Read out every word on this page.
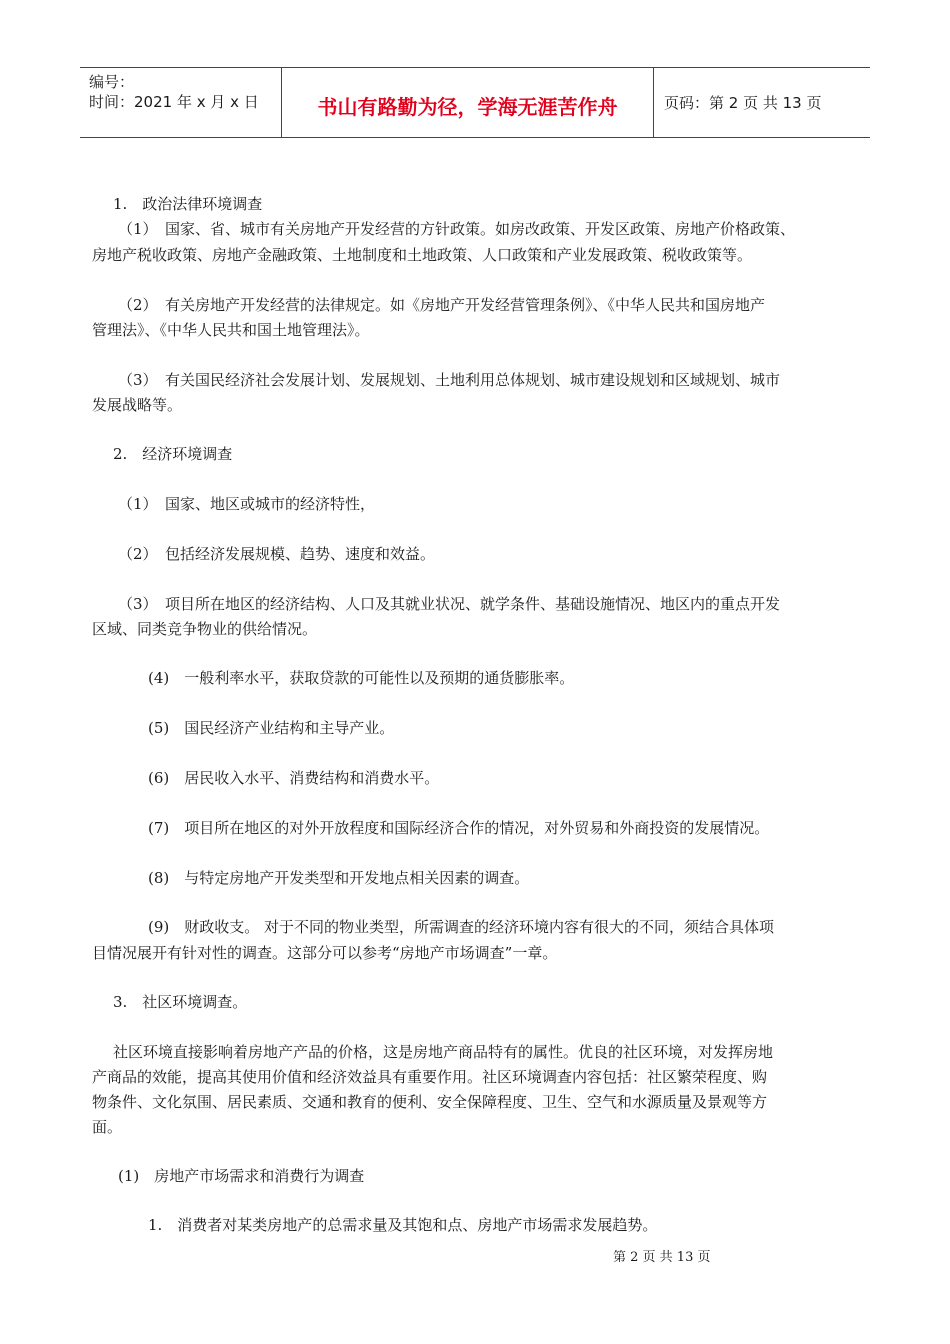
编号：
时间：2021 年 x 月 x 日	书山有路勤为径，学海无涯苦作舟	页码：第 2 页 共 13 页
1.　政治法律环境调查
（1）　国家、省、城市有关房地产开发经营的方针政策。如房改政策、开发区政策、房地产价格政策、
房地产税收政策、房地产金融政策、土地制度和土地政策、人口政策和产业发展政策、税收政策等。
（2）　有关房地产开发经营的法律规定。如《房地产开发经营管理条例》、《中华人民共和国房地产
管理法》、《中华人民共和国土地管理法》。
（3）　有关国民经济社会发展计划、发展规划、土地利用总体规划、城市建设规划和区域规划、城市
发展战略等。
2.　经济环境调查
（1）　国家、地区或城市的经济特性，
（2）　包括经济发展规模、趋势、速度和效益。
（3）　项目所在地区的经济结构、人口及其就业状况、就学条件、基础设施情况、地区内的重点开发
区域、同类竞争物业的供给情况。
(4)　一般利率水平，获取贷款的可能性以及预期的通货膨胀率。
(5)　国民经济产业结构和主导产业。
(6)　居民收入水平、消费结构和消费水平。
(7)　项目所在地区的对外开放程度和国际经济合作的情况，对外贸易和外商投资的发展情况。
(8)　与特定房地产开发类型和开发地点相关因素的调查。
(9)　财政收支。 对于不同的物业类型，所需调查的经济环境内容有很大的不同，须结合具体项
目情况展开有针对性的调查。这部分可以参考“房地产市场调查”一章。
3.　社区环境调查。
社区环境直接影响着房地产产品的价格，这是房地产商品特有的属性。优良的社区环境，对发挥房地
产商品的效能，提高其使用价值和经济效益具有重要作用。社区环境调查内容包括：社区繁荣程度、购
物条件、文化氛围、居民素质、交通和教育的便利、安全保障程度、卫生、空气和水源质量及景观等方
面。
(1)　房地产市场需求和消费行为调查
1.　消费者对某类房地产的总需求量及其饱和点、房地产市场需求发展趋势。
第 2 页 共 13 页
